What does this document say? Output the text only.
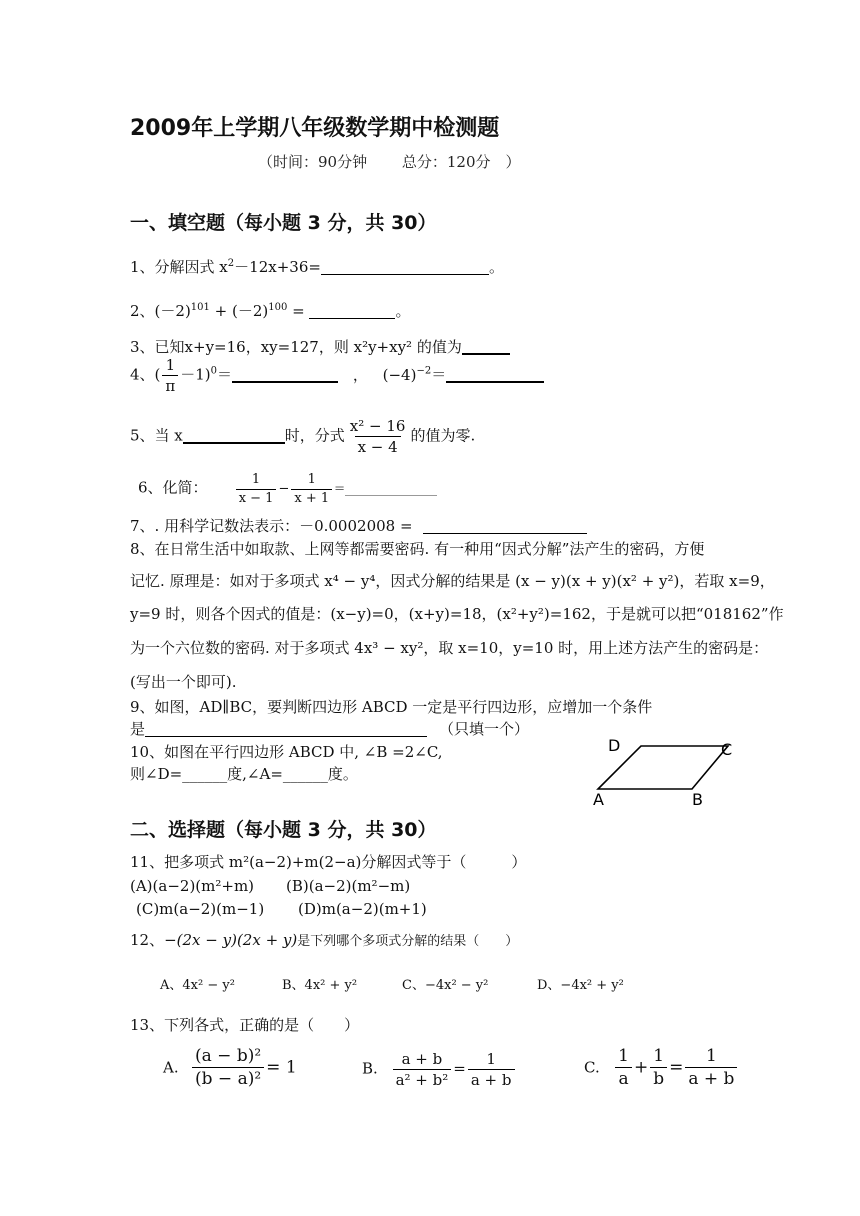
2009年上学期八年级数学期中检测题
（时间：90分钟　　 总分：120分　）
一、填空题（每小题 3 分，共 30）
1、分解因式 $x^2-12x+36=$	。
2、$(-2)^{101} + (-2)^{100}$ =	。
3、已知x+y=16，xy=127，则 x²y+xy² 的值为
4、( $\frac{1}{\pi} -1)^0=$	， $(-4)^{-2}=$
5、当 x	时，分式 $\frac{\text{x² − 16}}{x - 4}$ 的值为零.
6、化简： $\frac{1}{x - 1} - \frac{1}{x + 1}$ =
7、. 用科学记数法表示：－0.0002008 =
8、在日常生活中如取款、上网等都需要密码. 有一种用“因式分解”法产生的密码，方便
记忆. 原理是：如对于多项式 x⁴ − y⁴，因式分解的结果是 (x − y)(x + y)(x² + y²)，若取 x=9，
y=9 时，则各个因式的值是：(x−y)=0，(x+y)=18，(x²+y²)=162，于是就可以把“018162”作
为一个六位数的密码. 对于多项式 4x³ − xy²，取 x=10，y=10 时，用上述方法产生的密码是：
(写出一个即可).
9、如图，AD∥BC，要判断四边形 ABCD 一定是平行四边形，应增加一个条件
是	（只填一个）
10、如图在平行四边形 ABCD 中, ∠B =2∠C,
则∠D=______度,∠A=______度。
D	C
A	B
二、选择题（每小题 3 分，共 30）
11、把多项式 m²(a−2)+m(2−a)分解因式等于（　　　）
(A)(a−2)(m²+m) (B)(a−2)(m²−m)
(C)m(a−2)(m−1) (D)m(a−2)(m+1)
12、−(2x − y)(2x + y)是下列哪个多项式分解的结果（　　）
A、4x² − y²	B、4x² + y²	C、−4x² − y²	D、−4x² + y²
13、下列各式，正确的是（　　）
A. $\frac{\text{(a − b)²}}{\text{(b − a)²}} = 1$	B. $\frac{a + b}{\text{a² + b²}} = \frac{1}{a + b}$	C. $\frac{1}{a} + \frac{1}{b} = \frac{1}{a + b}$
